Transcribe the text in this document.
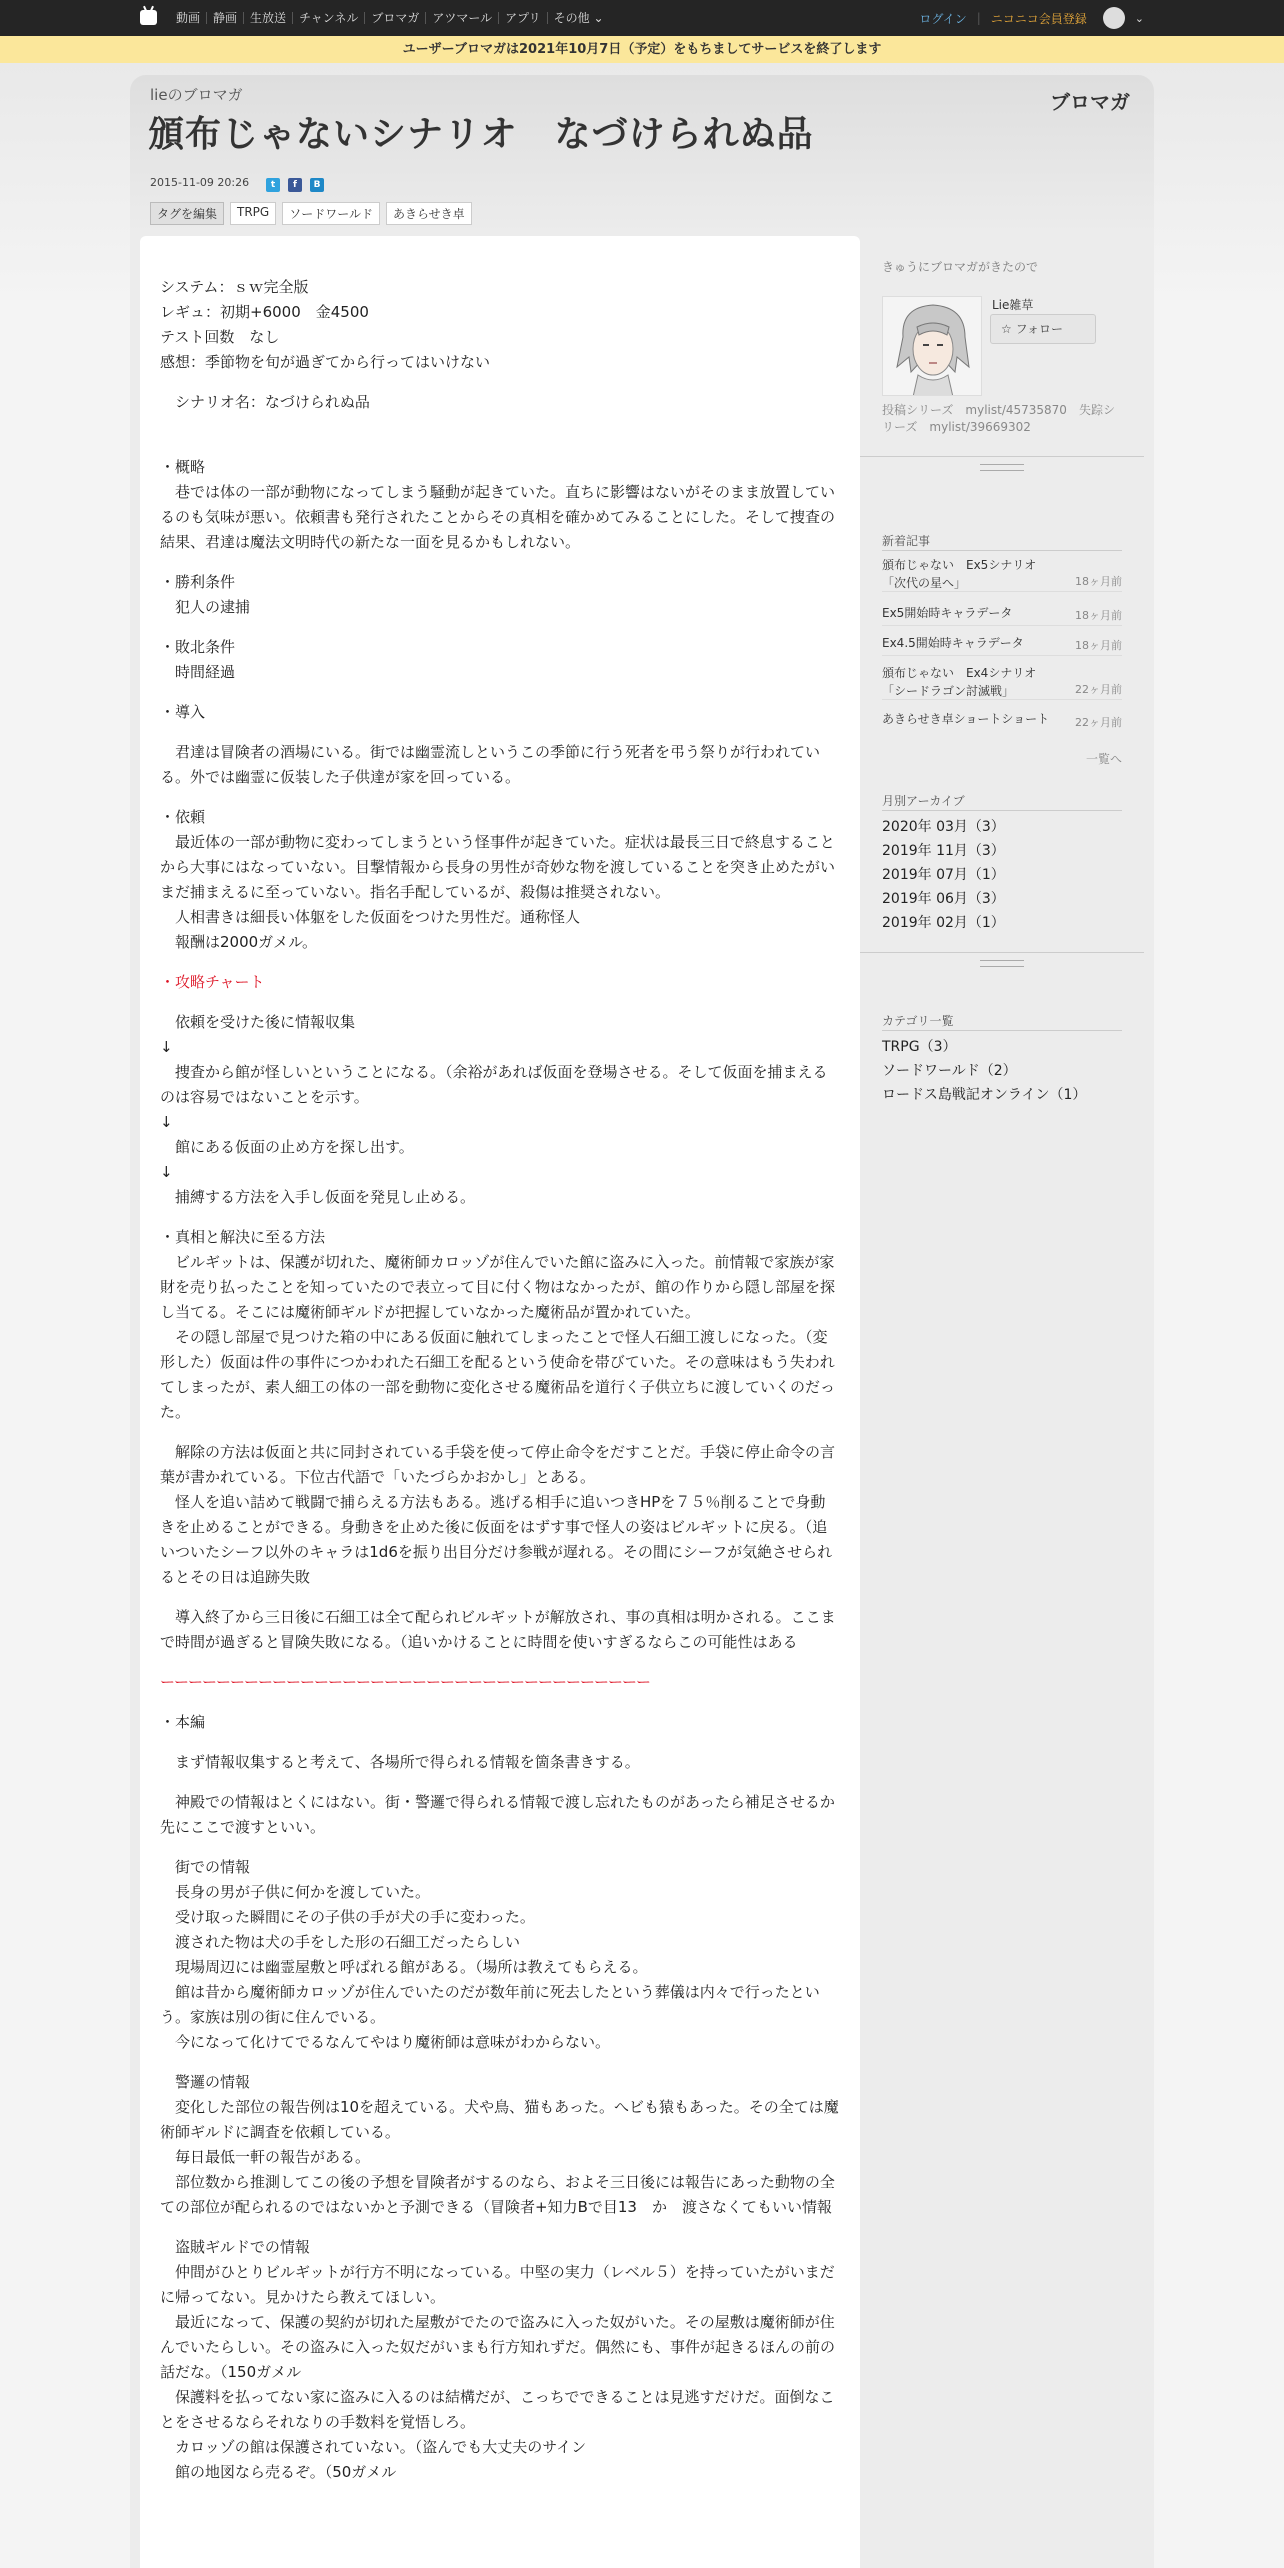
動画	静画	生放送	チャンネル	ブロマガ	アツマール	アプリ	その他 ⌄	ログイン | ニコニコ会員登録	⌄
ユーザーブロマガは2021年10月7日（予定）をもちましてサービスを終了します
lieのブロマガ
頒布じゃないシナリオ　なづけられぬ品
ブロマガ
2015-11-09 20:26	t	f	B
タグを編集	TRPG	ソードワールド	あきらせき卓

システム：ｓｗ完全版
レギュ：初期+6000　金4500
テスト回数　なし
感想：季節物を旬が過ぎてから行ってはいけない

　シナリオ名：なづけられぬ品

・概略
　巷では体の一部が動物になってしまう騒動が起きていた。直ちに影響はないがそのまま放置しているのも気味が悪い。依頼書も発行されたことからその真相を確かめてみることにした。そして捜査の結果、君達は魔法文明時代の新たな一面を見るかもしれない。

・勝利条件
　犯人の逮捕

・敗北条件
　時間経過

・導入

　君達は冒険者の酒場にいる。街では幽霊流しというこの季節に行う死者を弔う祭りが行われている。外では幽霊に仮装した子供達が家を回っている。

・依頼
　最近体の一部が動物に変わってしまうという怪事件が起きていた。症状は最長三日で終息することから大事にはなっていない。目撃情報から長身の男性が奇妙な物を渡していることを突き止めたがいまだ捕まえるに至っていない。指名手配しているが、殺傷は推奨されない。
　人相書きは細長い体躯をした仮面をつけた男性だ。通称怪人
　報酬は2000ガメル。

・攻略チャート

　依頼を受けた後に情報収集
↓
　捜査から館が怪しいということになる。（余裕があれば仮面を登場させる。そして仮面を捕まえるのは容易ではないことを示す。
↓
　館にある仮面の止め方を探し出す。
↓
　捕縛する方法を入手し仮面を発見し止める。

・真相と解決に至る方法
　ビルギットは、保護が切れた、魔術師カロッゾが住んでいた館に盗みに入った。前情報で家族が家財を売り払ったことを知っていたので表立って目に付く物はなかったが、館の作りから隠し部屋を探し当てる。そこには魔術師ギルドが把握していなかった魔術品が置かれていた。
　その隠し部屋で見つけた箱の中にある仮面に触れてしまったことで怪人石細工渡しになった。（変形した）仮面は件の事件につかわれた石細工を配るという使命を帯びていた。その意味はもう失われてしまったが、素人細工の体の一部を動物に変化させる魔術品を道行く子供立ちに渡していくのだった。

　解除の方法は仮面と共に同封されている手袋を使って停止命令をだすことだ。手袋に停止命令の言葉が書かれている。下位古代語で「いたづらかおかし」とある。
　怪人を追い詰めて戦闘で捕らえる方法もある。逃げる相手に追いつきHPを７５％削ることで身動きを止めることができる。身動きを止めた後に仮面をはずす事で怪人の姿はビルギットに戻る。（追いついたシーフ以外のキャラは1d6を振り出目分だけ参戦が遅れる。その間にシーフが気絶させられるとその日は追跡失敗

　導入終了から三日後に石細工は全て配られビルギットが解放され、事の真相は明かされる。ここまで時間が過ぎると冒険失敗になる。（追いかけることに時間を使いすぎるならこの可能性はある

ーーーーーーーーーーーーーーーーーーーーーーーーーーーーーーーーーーー

・本編

　まず情報収集すると考えて、各場所で得られる情報を箇条書きする。

　神殿での情報はとくにはない。街・警邏で得られる情報で渡し忘れたものがあったら補足させるか先にここで渡すといい。

　街での情報
　長身の男が子供に何かを渡していた。
　受け取った瞬間にその子供の手が犬の手に変わった。
　渡された物は犬の手をした形の石細工だったらしい
　現場周辺には幽霊屋敷と呼ばれる館がある。（場所は教えてもらえる。
　館は昔から魔術師カロッゾが住んでいたのだが数年前に死去したという葬儀は内々で行ったという。家族は別の街に住んでいる。
　今になって化けてでるなんてやはり魔術師は意味がわからない。

　警邏の情報
　変化した部位の報告例は10を超えている。犬や鳥、猫もあった。へビも猿もあった。その全ては魔術師ギルドに調査を依頼している。
　毎日最低一軒の報告がある。
　部位数から推測してこの後の予想を冒険者がするのなら、およそ三日後には報告にあった動物の全ての部位が配られるのではないかと予測できる（冒険者+知力Bで目13　か　渡さなくてもいい情報

　盗賊ギルドでの情報
　仲間がひとりビルギットが行方不明になっている。中堅の実力（レベル５）を持っていたがいまだに帰ってない。見かけたら教えてほしい。
　最近になって、保護の契約が切れた屋敷がでたので盗みに入った奴がいた。その屋敷は魔術師が住んでいたらしい。その盗みに入った奴だがいまも行方知れずだ。偶然にも、事件が起きるほんの前の話だな。（150ガメル
　保護料を払ってない家に盗みに入るのは結構だが、こっちでできることは見逃すだけだ。面倒なことをさせるならそれなりの手数料を覚悟しろ。
　カロッゾの館は保護されていない。（盗んでも大丈夫のサイン
　館の地図なら売るぞ。（50ガメル

きゅうにブロマガがきたので
Lie雑草
☆ フォロー
投稿シリーズ　mylist/45735870　失踪シリーズ　mylist/39669302
新着記事
頒布じゃない　Ex5シナリオ　「次代の星へ」	18ヶ月前
Ex5開始時キャラデータ	18ヶ月前
Ex4.5開始時キャラデータ	18ヶ月前
頒布じゃない　Ex4シナリオ　「シードラゴン討滅戦」	22ヶ月前
あきらせき卓ショートショート 22ヶ月前
一覧へ
月別アーカイブ
2020年 03月（3）
2019年 11月（3）
2019年 07月（1）
2019年 06月（3）
2019年 02月（1）
カテゴリ一覧
TRPG（3）
ソードワールド（2）
ロードス島戦記オンライン（1）
